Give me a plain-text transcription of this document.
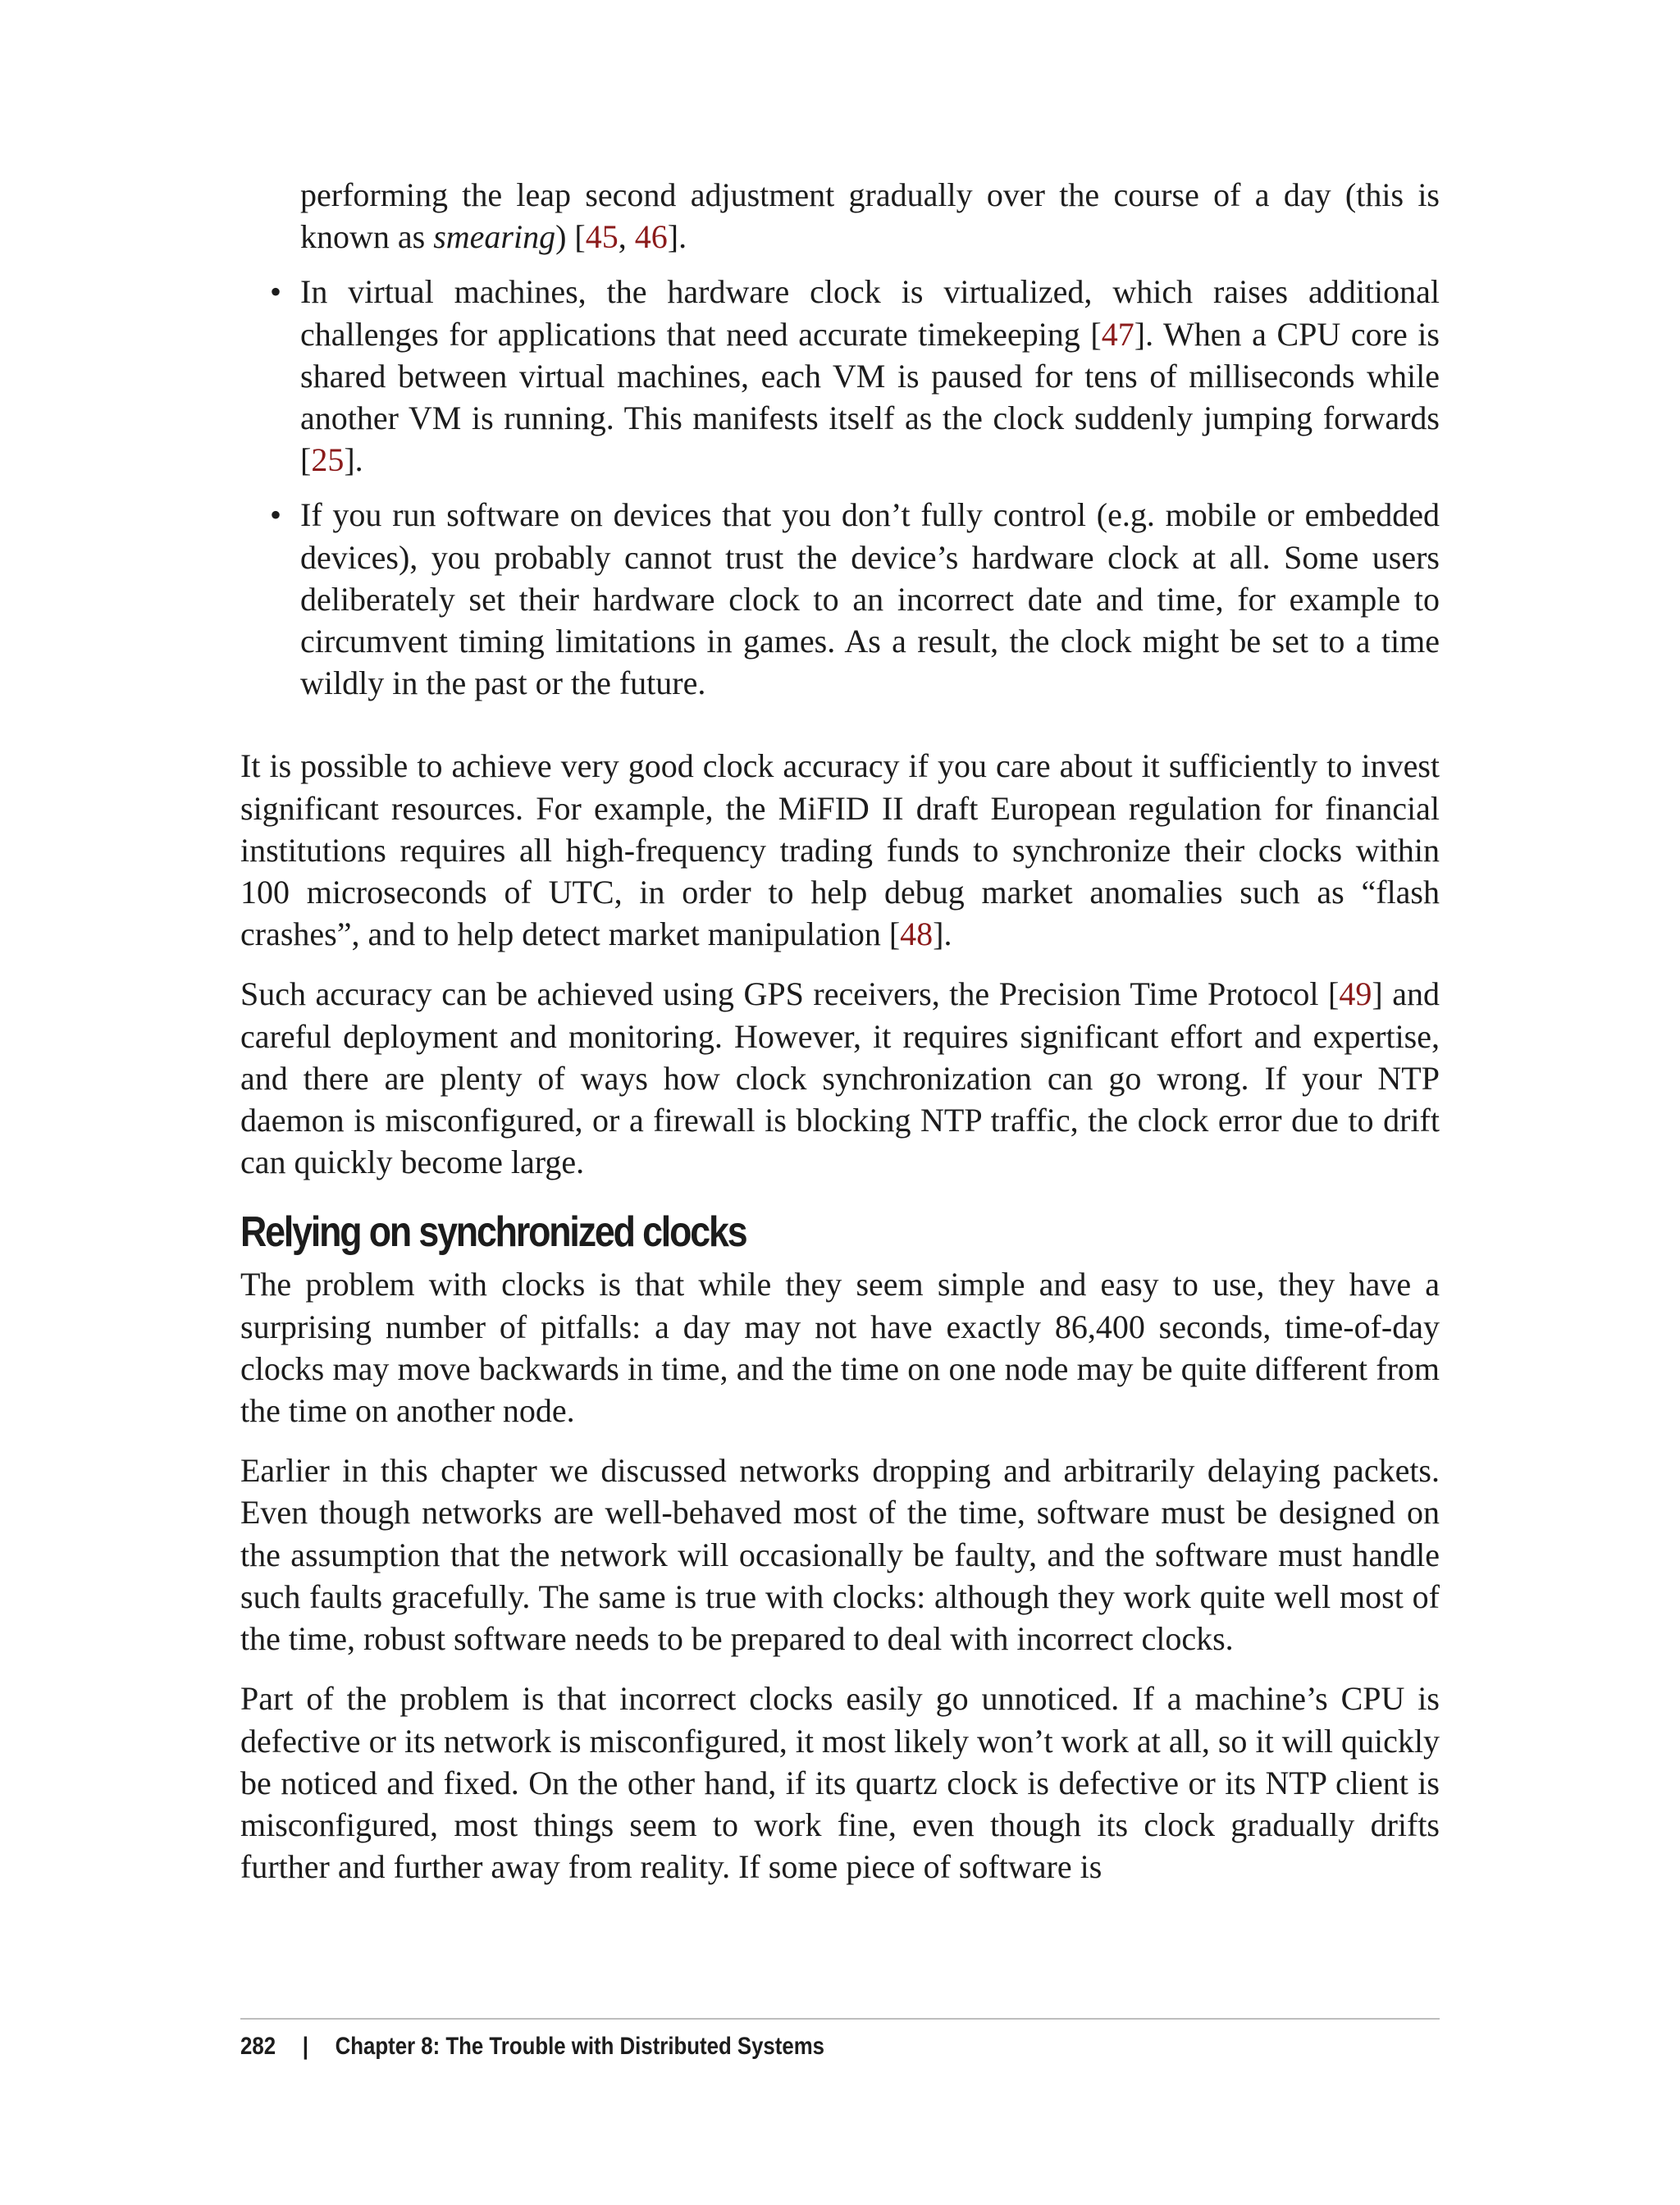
performing the leap second adjustment gradually over the course of a day (this is known as smearing) [45, 46].

• In virtual machines, the hardware clock is virtualized, which raises additional challenges for applications that need accurate timekeeping [47]. When a CPU core is shared between virtual machines, each VM is paused for tens of milliseconds while another VM is running. This manifests itself as the clock suddenly jumping forwards [25].
• If you run software on devices that you don’t fully control (e.g. mobile or embedded devices), you probably cannot trust the device’s hardware clock at all. Some users deliberately set their hardware clock to an incorrect date and time, for example to circumvent timing limitations in games. As a result, the clock might be set to a time wildly in the past or the future.

It is possible to achieve very good clock accuracy if you care about it sufficiently to invest significant resources. For example, the MiFID II draft European regulation for financial institutions requires all high-frequency trading funds to synchronize their clocks within 100 microseconds of UTC, in order to help debug market anomalies such as “flash crashes”, and to help detect market manipulation [48].

Such accuracy can be achieved using GPS receivers, the Precision Time Protocol [49] and careful deployment and monitoring. However, it requires significant effort and expertise, and there are plenty of ways how clock synchronization can go wrong. If your NTP daemon is misconfigured, or a firewall is blocking NTP traffic, the clock error due to drift can quickly become large.

Relying on synchronized clocks

The problem with clocks is that while they seem simple and easy to use, they have a surprising number of pitfalls: a day may not have exactly 86,400 seconds, time-of-day clocks may move backwards in time, and the time on one node may be quite different from the time on another node.

Earlier in this chapter we discussed networks dropping and arbitrarily delaying packets. Even though networks are well-behaved most of the time, software must be designed on the assumption that the network will occasionally be faulty, and the software must handle such faults gracefully. The same is true with clocks: although they work quite well most of the time, robust software needs to be prepared to deal with incorrect clocks.

Part of the problem is that incorrect clocks easily go unnoticed. If a machine’s CPU is defective or its network is misconfigured, it most likely won’t work at all, so it will quickly be noticed and fixed. On the other hand, if its quartz clock is defective or its NTP client is misconfigured, most things seem to work fine, even though its clock gradually drifts further and further away from reality. If some piece of software is

282 | Chapter 8: The Trouble with Distributed Systems
